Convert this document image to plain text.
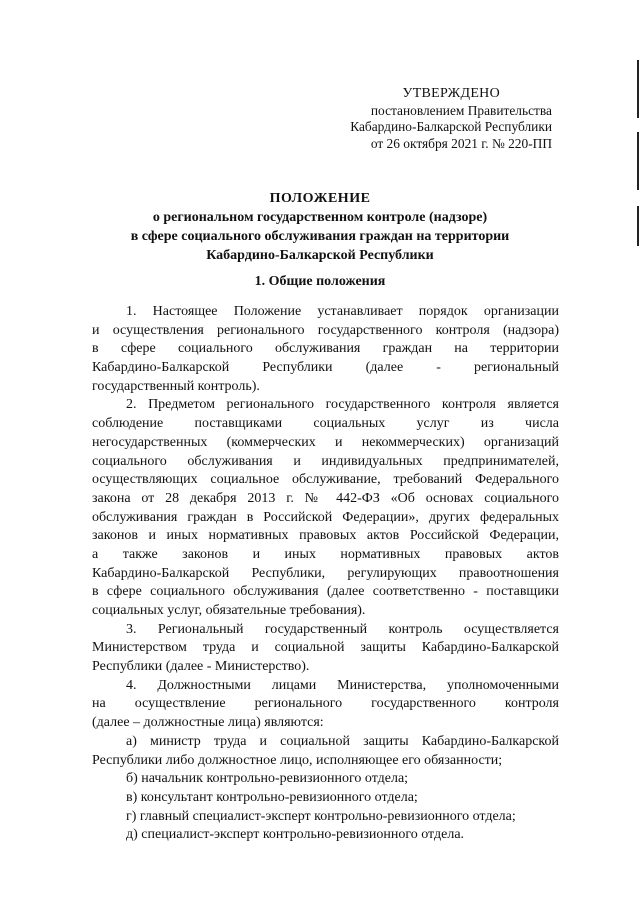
УТВЕРЖДЕНО
постановлением Правительства
Кабардино-Балкарской Республики
от 26 октября 2021 г. № 220-ПП
ПОЛОЖЕНИЕ
о региональном государственном контроле (надзоре)
в сфере социального обслуживания граждан на территории
Кабардино-Балкарской Республики
1. Общие положения
1. Настоящее Положение устанавливает порядок организации
и осуществления регионального государственного контроля (надзора)
в сфере социального обслуживания граждан на территории
Кабардино-Балкарской Республики (далее - региональный
государственный контроль).
2. Предметом регионального государственного контроля является
соблюдение поставщиками социальных услуг из числа
негосударственных (коммерческих и некоммерческих) организаций
социального обслуживания и индивидуальных предпринимателей,
осуществляющих социальное обслуживание, требований Федерального
закона от 28 декабря 2013 г. № 442-ФЗ «Об основах социального
обслуживания граждан в Российской Федерации», других федеральных
законов и иных нормативных правовых актов Российской Федерации,
а также законов и иных нормативных правовых актов
Кабардино-Балкарской Республики, регулирующих правоотношения
в сфере социального обслуживания (далее соответственно - поставщики
социальных услуг, обязательные требования).
3. Региональный государственный контроль осуществляется
Министерством труда и социальной защиты Кабардино-Балкарской
Республики (далее - Министерство).
4. Должностными лицами Министерства, уполномоченными
на осуществление регионального государственного контроля
(далее – должностные лица) являются:
а) министр труда и социальной защиты Кабардино-Балкарской
Республики либо должностное лицо, исполняющее его обязанности;
б) начальник контрольно-ревизионного отдела;
в) консультант контрольно-ревизионного отдела;
г) главный специалист-эксперт контрольно-ревизионного отдела;
д) специалист-эксперт контрольно-ревизионного отдела.
